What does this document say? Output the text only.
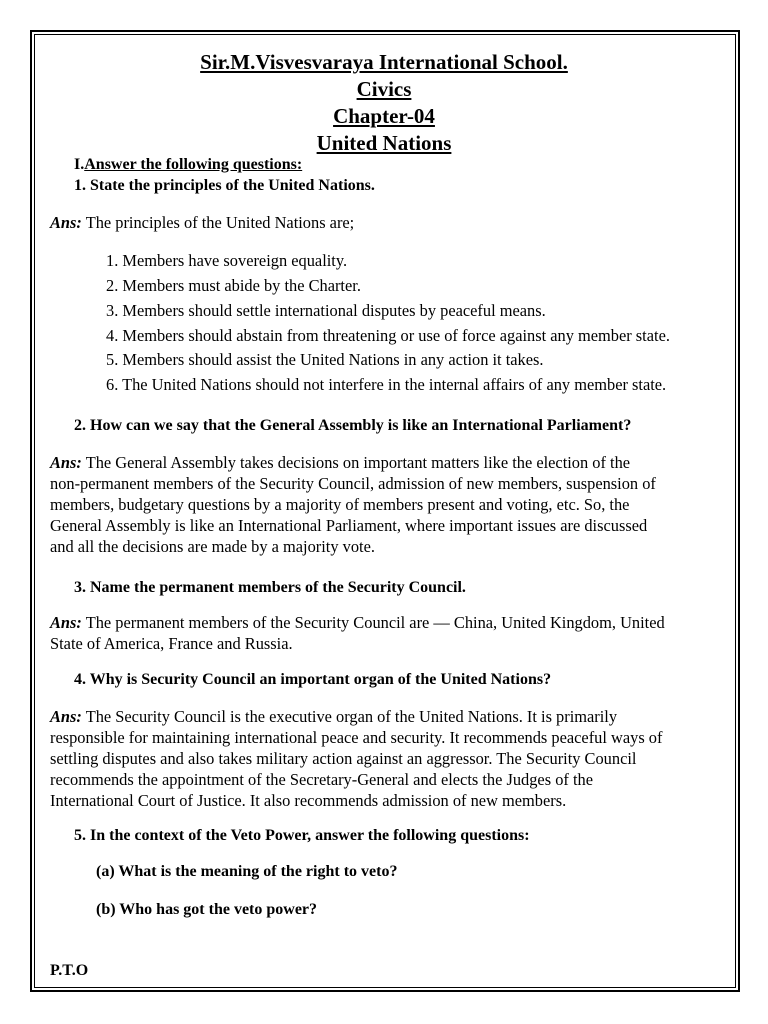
Sir.M.Visvesvaraya International School.
Civics
Chapter-04
United Nations
I.Answer the following questions:
1. State the principles of the United Nations.
Ans: The principles of the United Nations are;
1. Members have sovereign equality.
2. Members must abide by the Charter.
3. Members should settle international disputes by peaceful means.
4. Members should abstain from threatening or use of force against any member state.
5. Members should assist the United Nations in any action it takes.
6. The United Nations should not interfere in the internal affairs of any member state.
2. How can we say that the General Assembly is like an International Parliament?
Ans: The General Assembly takes decisions on important matters like the election of the
non-permanent members of the Security Council, admission of new members, suspension of
members, budgetary questions by a majority of members present and voting, etc. So, the
General Assembly is like an International Parliament, where important issues are discussed
and all the decisions are made by a majority vote.
3. Name the permanent members of the Security Council.
Ans: The permanent members of the Security Council are — China, United Kingdom, United
State of America, France and Russia.
4. Why is Security Council an important organ of the United Nations?
Ans: The Security Council is the executive organ of the United Nations. It is primarily
responsible for maintaining international peace and security. It recommends peaceful ways of
settling disputes and also takes military action against an aggressor. The Security Council
recommends the appointment of the Secretary-General and elects the Judges of the
International Court of Justice. It also recommends admission of new members.
5. In the context of the Veto Power, answer the following questions:
(a) What is the meaning of the right to veto?
(b) Who has got the veto power?
P.T.O
